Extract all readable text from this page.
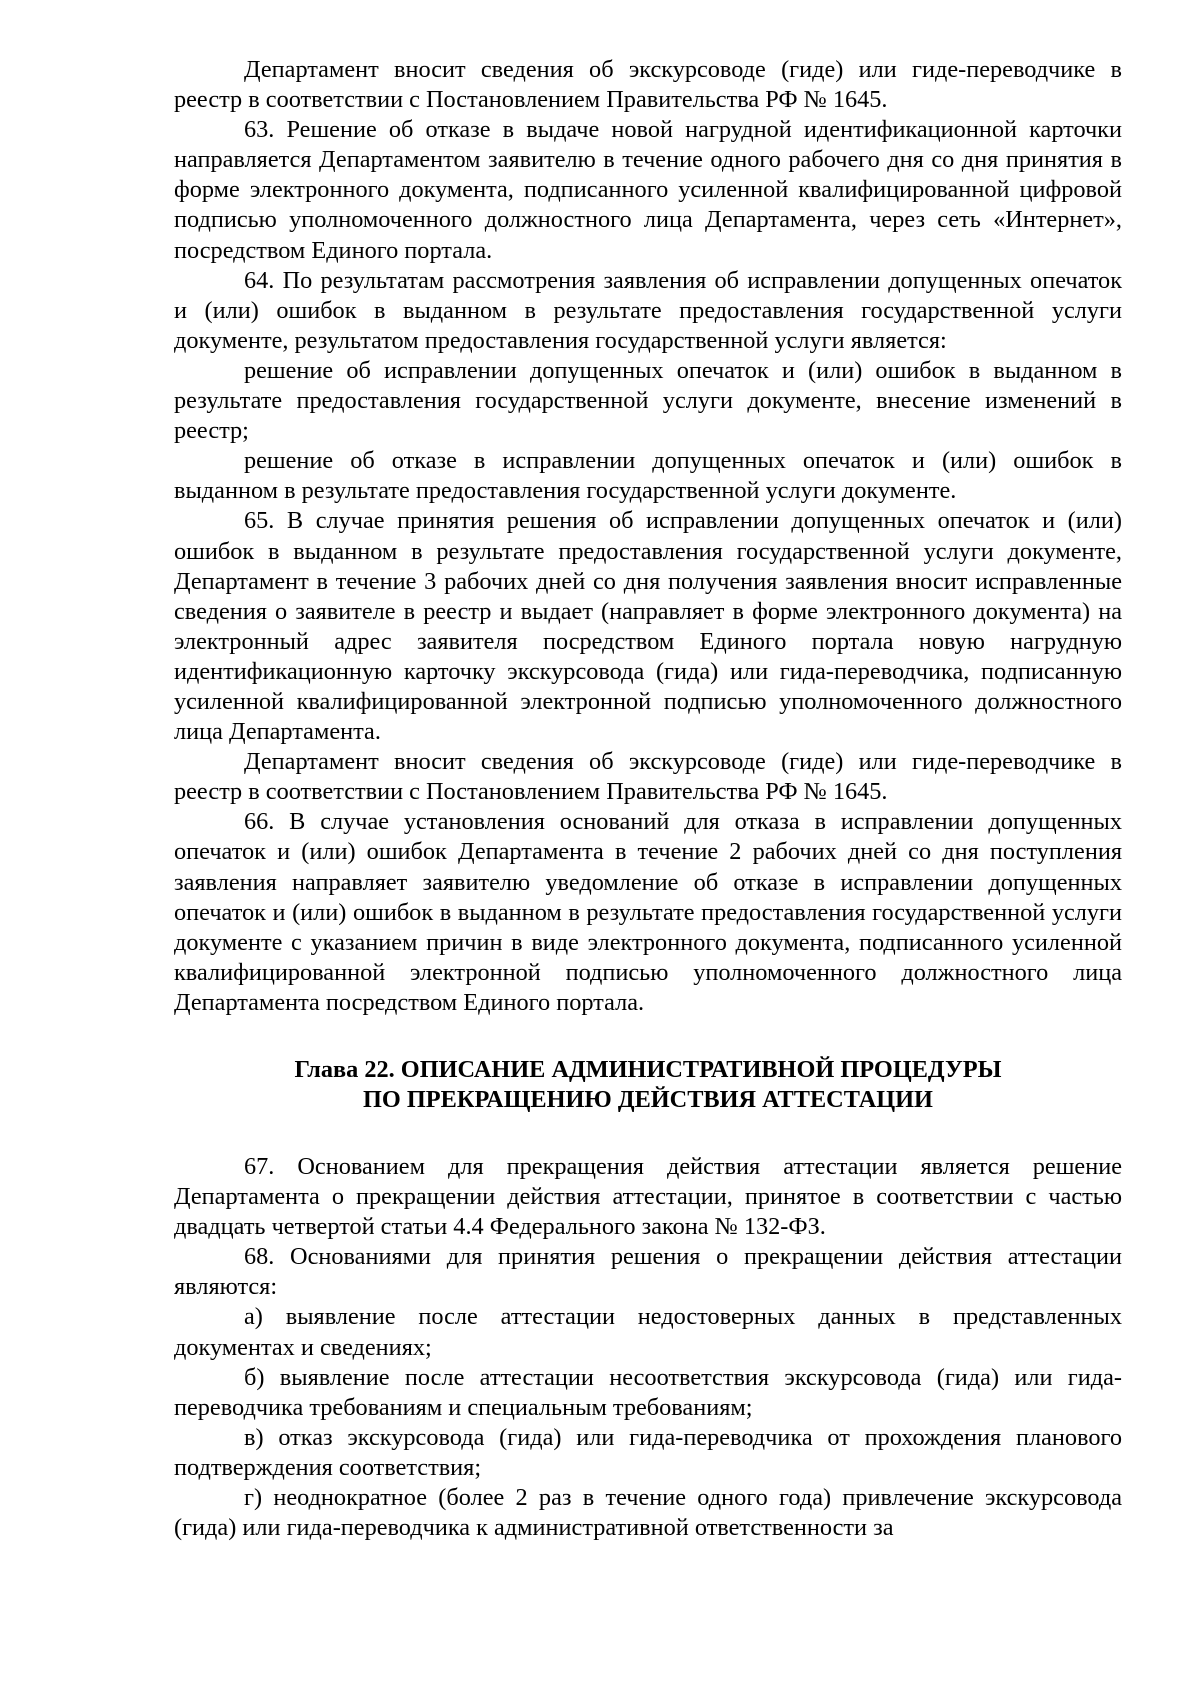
Департамент вносит сведения об экскурсоводе (гиде) или гиде-переводчике в реестр в соответствии с Постановлением Правительства РФ № 1645.

63. Решение об отказе в выдаче новой нагрудной идентификационной карточки направляется Департаментом заявителю в течение одного рабочего дня со дня принятия в форме электронного документа, подписанного усиленной квалифицированной цифровой подписью уполномоченного должностного лица Департамента, через сеть «Интернет», посредством Единого портала.

64. По результатам рассмотрения заявления об исправлении допущенных опечаток и (или) ошибок в выданном в результате предоставления государственной услуги документе, результатом предоставления государственной услуги является:

решение об исправлении допущенных опечаток и (или) ошибок в выданном в результате предоставления государственной услуги документе, внесение изменений в реестр;

решение об отказе в исправлении допущенных опечаток и (или) ошибок в выданном в результате предоставления государственной услуги документе.

65. В случае принятия решения об исправлении допущенных опечаток и (или) ошибок в выданном в результате предоставления государственной услуги документе, Департамент в течение 3 рабочих дней со дня получения заявления вносит исправленные сведения о заявителе в реестр и выдает (направляет в форме электронного документа) на электронный адрес заявителя посредством Единого портала новую нагрудную идентификационную карточку экскурсовода (гида) или гида-переводчика, подписанную усиленной квалифицированной электронной подписью уполномоченного должностного лица Департамента.

Департамент вносит сведения об экскурсоводе (гиде) или гиде-переводчике в реестр в соответствии с Постановлением Правительства РФ № 1645.

66. В случае установления оснований для отказа в исправлении допущенных опечаток и (или) ошибок Департамента в течение 2 рабочих дней со дня поступления заявления направляет заявителю уведомление об отказе в исправлении допущенных опечаток и (или) ошибок в выданном в результате предоставления государственной услуги документе с указанием причин в виде электронного документа, подписанного усиленной квалифицированной электронной подписью уполномоченного должностного лица Департамента посредством Единого портала.

Глава 22. ОПИСАНИЕ АДМИНИСТРАТИВНОЙ ПРОЦЕДУРЫ
ПО ПРЕКРАЩЕНИЮ ДЕЙСТВИЯ АТТЕСТАЦИИ

67. Основанием для прекращения действия аттестации является решение Департамента о прекращении действия аттестации, принятое в соответствии с частью двадцать четвертой статьи 4.4 Федерального закона № 132-ФЗ.

68. Основаниями для принятия решения о прекращении действия аттестации являются:

а) выявление после аттестации недостоверных данных в представленных документах и сведениях;

б) выявление после аттестации несоответствия экскурсовода (гида) или гида-переводчика требованиям и специальным требованиям;

в) отказ экскурсовода (гида) или гида-переводчика от прохождения планового подтверждения соответствия;

г) неоднократное (более 2 раз в течение одного года) привлечение экскурсовода (гида) или гида-переводчика к административной ответственности за
